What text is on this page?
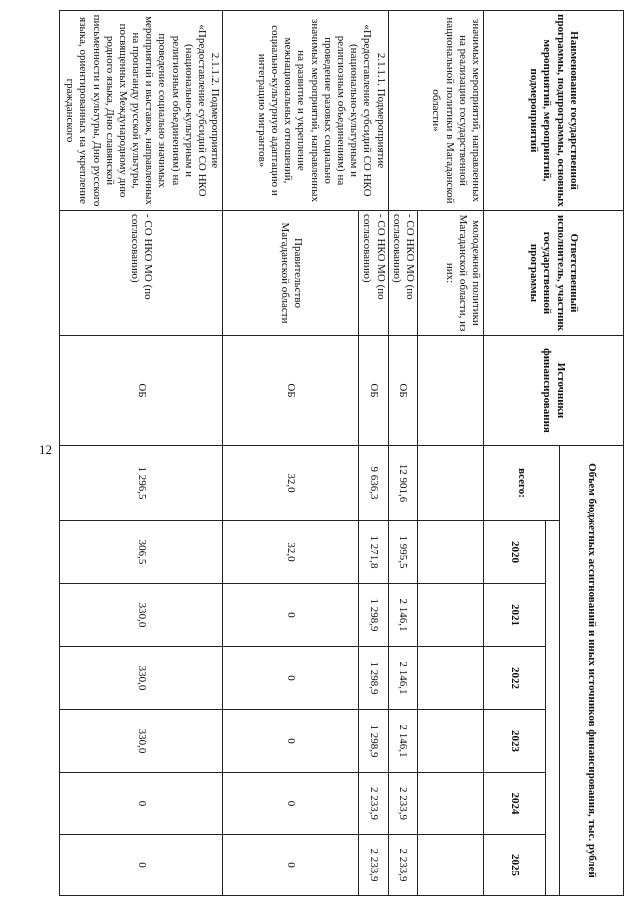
12
Наименование государственной программы, подпрограммы, основных мероприятий, мероприятий, подмероприятий	Ответственный исполнитель, участник государственной программы	Источники финансирования	Объем бюджетных ассигнований и иных источников финансирования, тыс. рублей						
			всего:						
				2020	2021	2022	2023	2024	2025
значимых мероприятий, направленных на реализацию государственной национальной политики в Магаданской области»	молодежной политики Магаданской области, из них:								
	- СО НКО МО (по согласованию)	ОБ	12 901,6	1 995,5	2 146,1	2 146,1	2 146,1	2 233,9	2 233,9
2.1.1.1. Подмероприятие «Предоставление субсидий СО НКО (национально-культурным и религиозным объединениям) на проведение разовых социально значимых мероприятий, направленных на развитие и укрепление межнациональных отношений, социально-культурную адаптацию и интеграцию мигрантов»	- СО НКО МО (по согласованию)	ОБ	9 636,3	1 271,8	1 298,9	1 298,9	1 298,9	2 233,9	2 233,9
	Правительство Магаданской области	ОБ	32,0	32,0	0	0	0	0	0
2.1.1.2. Подмероприятие «Предоставление субсидий СО НКО (национально-культурным и религиозным объединениям) на проведение социально значимых мероприятий и выставок, направленных на пропаганду русской культуры, посвященных Международному дню родного языка, Дню славянской письменности и культуры, Дню русского языка, ориентированных на укрепление гражданского	- СО НКО МО (по согласованию)	ОБ	1 296,5	306,5	330,0	330,0	330,0	0	0
